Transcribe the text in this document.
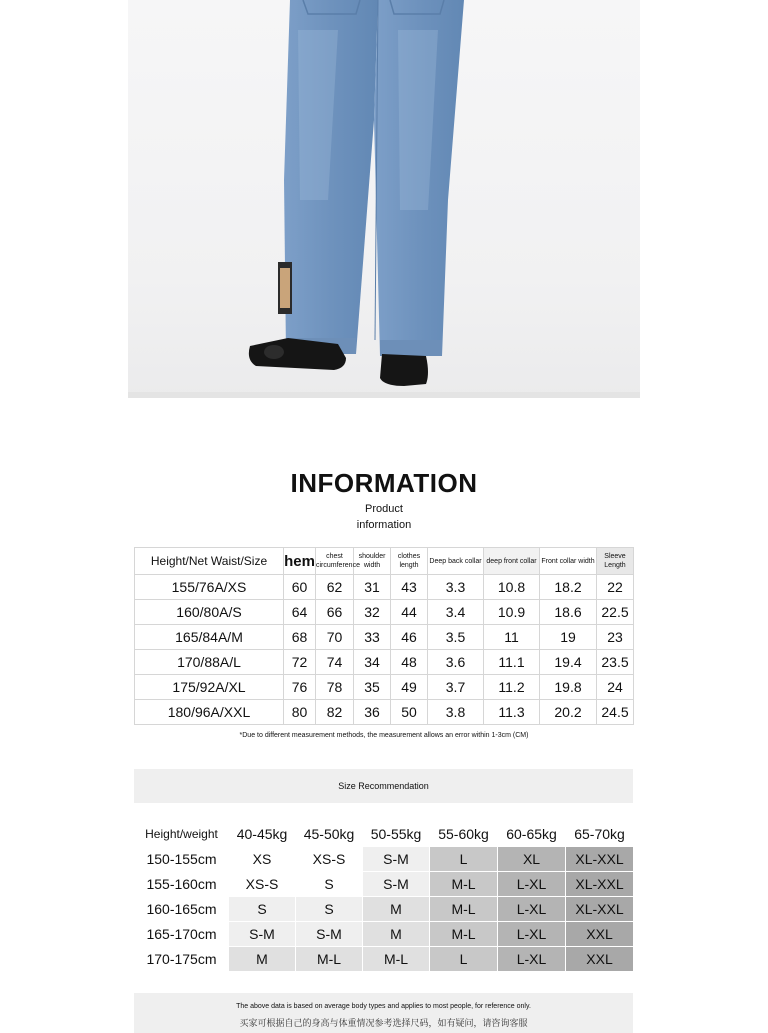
INFORMATION
Product
information
Height/Net Waist/Size	hem	chest circumference	shoulder width	clothes length	Deep back collar	deep front collar	Front collar width	Sleeve Length
155/76A/XS	60	62	31	43	3.3	10.8	18.2	22
160/80A/S	64	66	32	44	3.4	10.9	18.6	22.5
165/84A/M	68	70	33	46	3.5	11	19	23
170/88A/L	72	74	34	48	3.6	11.1	19.4	23.5
175/92A/XL	76	78	35	49	3.7	11.2	19.8	24
180/96A/XXL	80	82	36	50	3.8	11.3	20.2	24.5
*Due to different measurement methods, the measurement allows an error within 1-3cm (CM)
Size Recommendation
Height/weight	40-45kg	45-50kg	50-55kg	55-60kg	60-65kg	65-70kg
150-155cm	XS	XS-S	S-M	L	XL	XL-XXL
155-160cm	XS-S	S	S-M	M-L	L-XL	XL-XXL
160-165cm	S	S	M	M-L	L-XL	XL-XXL
165-170cm	S-M	S-M	M	M-L	L-XL	XXL
170-175cm	M	M-L	M-L	L	L-XL	XXL
The above data is based on average body types and applies to most people, for reference only.
买家可根据自己的身高与体重情况参考选择尺码，如有疑问，请咨询客服
